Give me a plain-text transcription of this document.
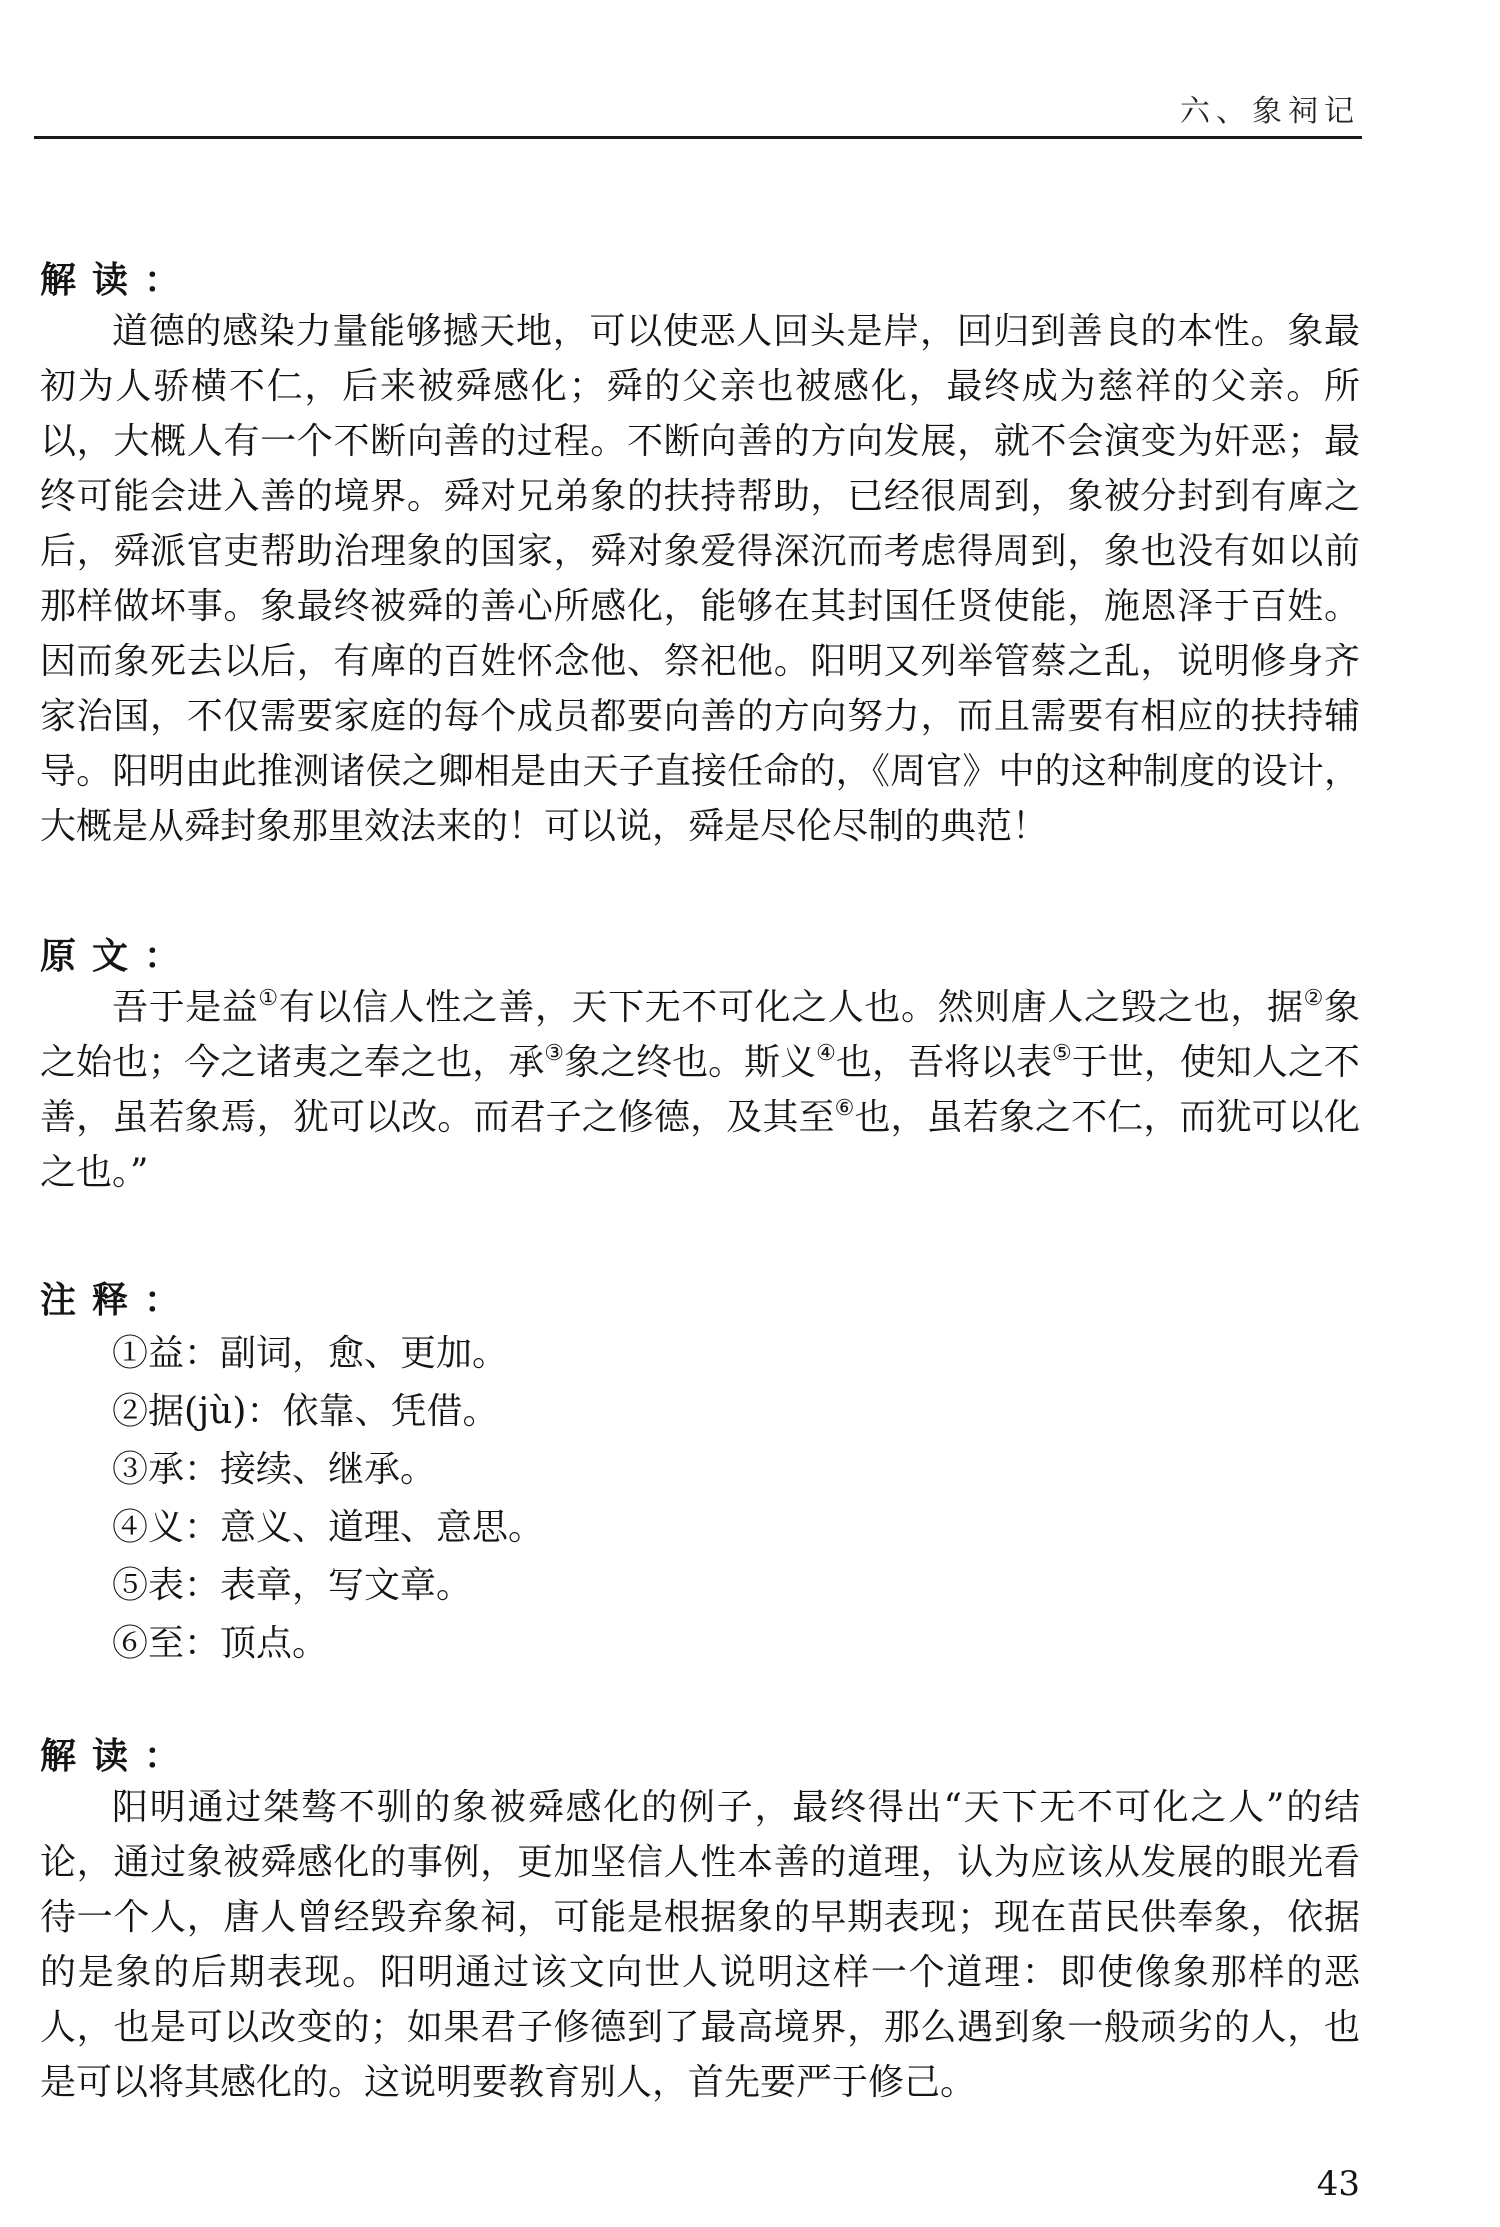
六、象祠记
解读：

道德的感染力量能够撼天地，可以使恶人回头是岸，回归到善良的本性。象最初为人骄横不仁，后来被舜感化；舜的父亲也被感化，最终成为慈祥的父亲。所以，大概人有一个不断向善的过程。不断向善的方向发展，就不会演变为奸恶；最终可能会进入善的境界。舜对兄弟象的扶持帮助，已经很周到，象被分封到有庳之后，舜派官吏帮助治理象的国家，舜对象爱得深沉而考虑得周到，象也没有如以前那样做坏事。象最终被舜的善心所感化，能够在其封国任贤使能，施恩泽于百姓。因而象死去以后，有庳的百姓怀念他、祭祀他。阳明又列举管蔡之乱，说明修身齐家治国，不仅需要家庭的每个成员都要向善的方向努力，而且需要有相应的扶持辅导。阳明由此推测诸侯之卿相是由天子直接任命的，《周官》中的这种制度的设计，大概是从舜封象那里效法来的！可以说，舜是尽伦尽制的典范！

原文：

吾于是益①有以信人性之善，天下无不可化之人也。然则唐人之毁之也，据②象之始也；今之诸夷之奉之也，承③象之终也。斯义④也，吾将以表⑤于世，使知人之不善，虽若象焉，犹可以改。而君子之修德，及其至⑥也，虽若象之不仁，而犹可以化之也。”

注释：
①益：副词，愈、更加。
②据(jù)：依靠、凭借。
③承：接续、继承。
④义：意义、道理、意思。
⑤表：表章，写文章。
⑥至：顶点。
解读：

阳明通过桀骜不驯的象被舜感化的例子，最终得出“天下无不可化之人”的结论，通过象被舜感化的事例，更加坚信人性本善的道理，认为应该从发展的眼光看待一个人，唐人曾经毁弃象祠，可能是根据象的早期表现；现在苗民供奉象，依据的是象的后期表现。阳明通过该文向世人说明这样一个道理：即使像象那样的恶人，也是可以改变的；如果君子修德到了最高境界，那么遇到象一般顽劣的人，也是可以将其感化的。这说明要教育别人，首先要严于修己。

43
